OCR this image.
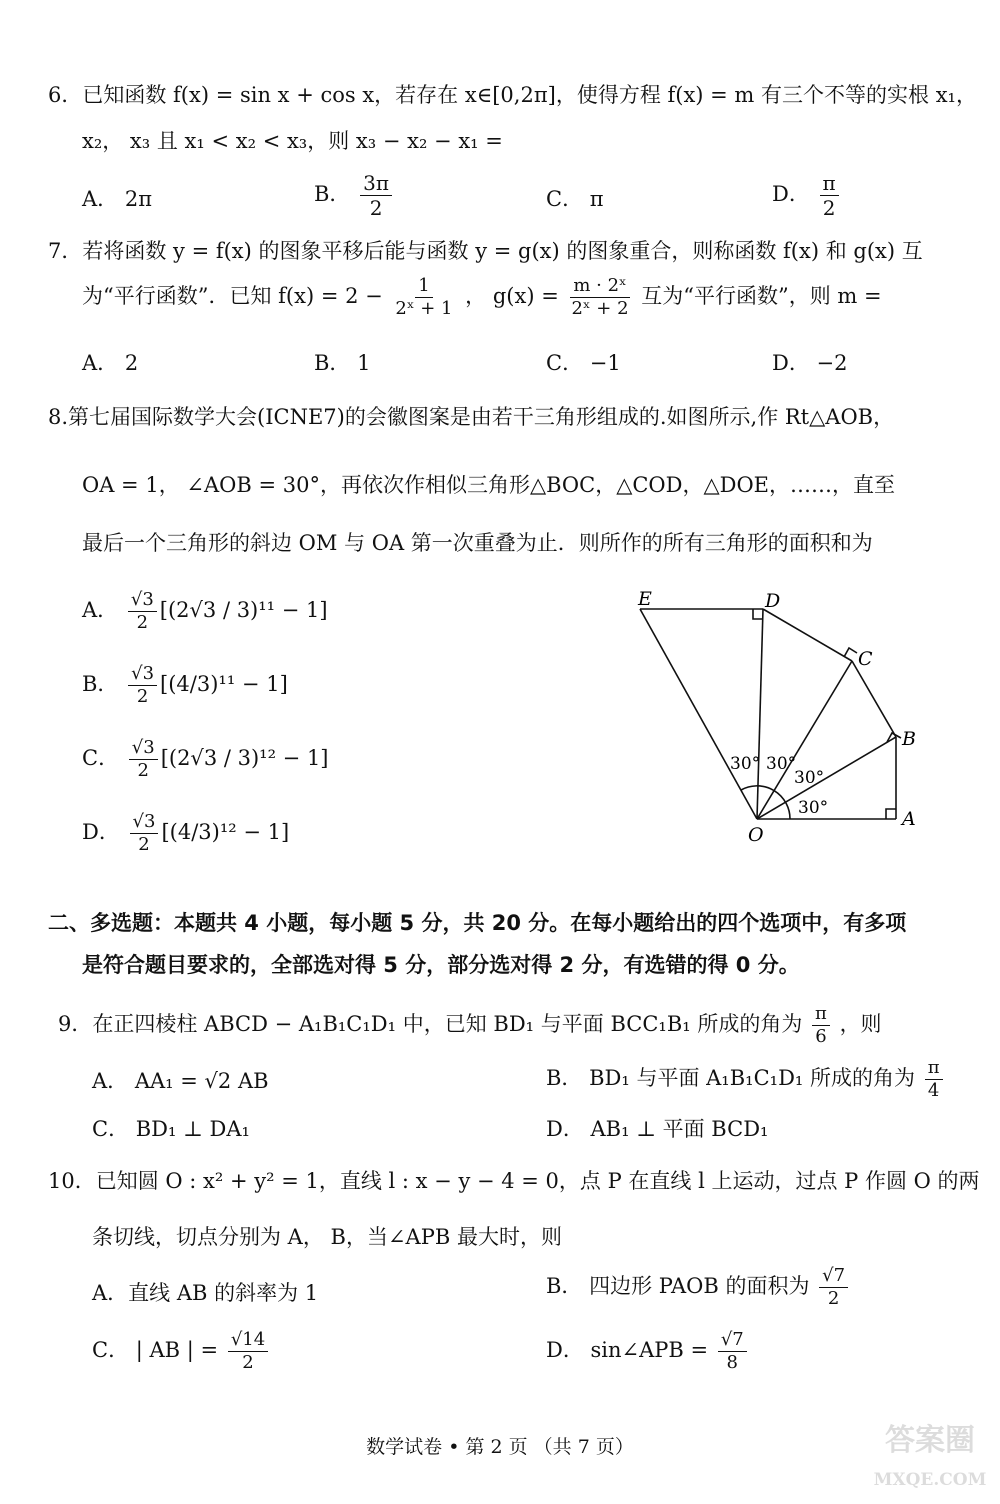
6．已知函数 f(x) = sin x + cos x，若存在 x∈[0,2π]，使得方程 f(x) = m 有三个不等的实根 x₁，
x₂， x₃ 且 x₁ < x₂ < x₃，则 x₃ − x₂ − x₁ =
A． 2π	B． $\frac{3\pi}{2}$	C． π	D． $\frac{\pi}{2}$
7．若将函数 y = f(x) 的图象平移后能与函数 y = g(x) 的图象重合，则称函数 f(x) 和 g(x) 互
为“平行函数”．已知 $f(x) = 2 - \frac{1}{\text{2ˣ + 1}}$ ， $g(x) = \frac{\text{m · 2ˣ}}{\text{2ˣ + 2}}$ 互为“平行函数”，则 m =
A． 2	B． 1	C． −1	D． −2
8.第七届国际数学大会(ICNE7)的会徽图案是由若干三角形组成的.如图所示,作 Rt△AOB，
OA = 1， ∠AOB = 30°，再依次作相似三角形△BOC，△COD，△DOE，……，直至
最后一个三角形的斜边 OM 与 OA 第一次重叠为止．则所作的所有三角形的面积和为
A． $\frac{√3}{2} [(2√3 / 3)^{11} - 1]$
B． $\frac{√3}{2} [(4/3)^{11} - 1]$
C． $\frac{√3}{2} [(2√3 / 3)^{12} - 1]$
D． $\frac{√3}{2} [(4/3)^{12} - 1]$
E	D
C
B
A
O
30° 30°
30°
30°
二、多选题：本题共 4 小题，每小题 5 分，共 20 分。在每小题给出的四个选项中，有多项
是符合题目要求的，全部选对得 5 分，部分选对得 2 分，有选错的得 0 分。
9．在正四棱柱 ABCD − A₁B₁C₁D₁ 中，已知 BD₁ 与平面 BCC₁B₁ 所成的角为 $\frac{\pi}{6}$ ，则
A． AA₁ = √2 AB	B． BD₁ 与平面 A₁B₁C₁D₁ 所成的角为 $\frac{\pi}{4}$
C． BD₁ ⊥ DA₁	D． AB₁ ⊥ 平面 BCD₁
10．已知圆 O : x² + y² = 1，直线 l : x − y − 4 = 0，点 P 在直线 l 上运动，过点 P 作圆 O 的两
条切线，切点分别为 A， B，当∠APB 最大时，则
A．直线 AB 的斜率为 1	B． 四边形 PAOB 的面积为 $\frac{√7}{2}$
C． | AB | = $\frac{√14}{2}$	D． sin∠APB = $\frac{√7}{8}$
数学试卷 • 第 2 页 （共 7 页）	答案圈
MXQE.COM
